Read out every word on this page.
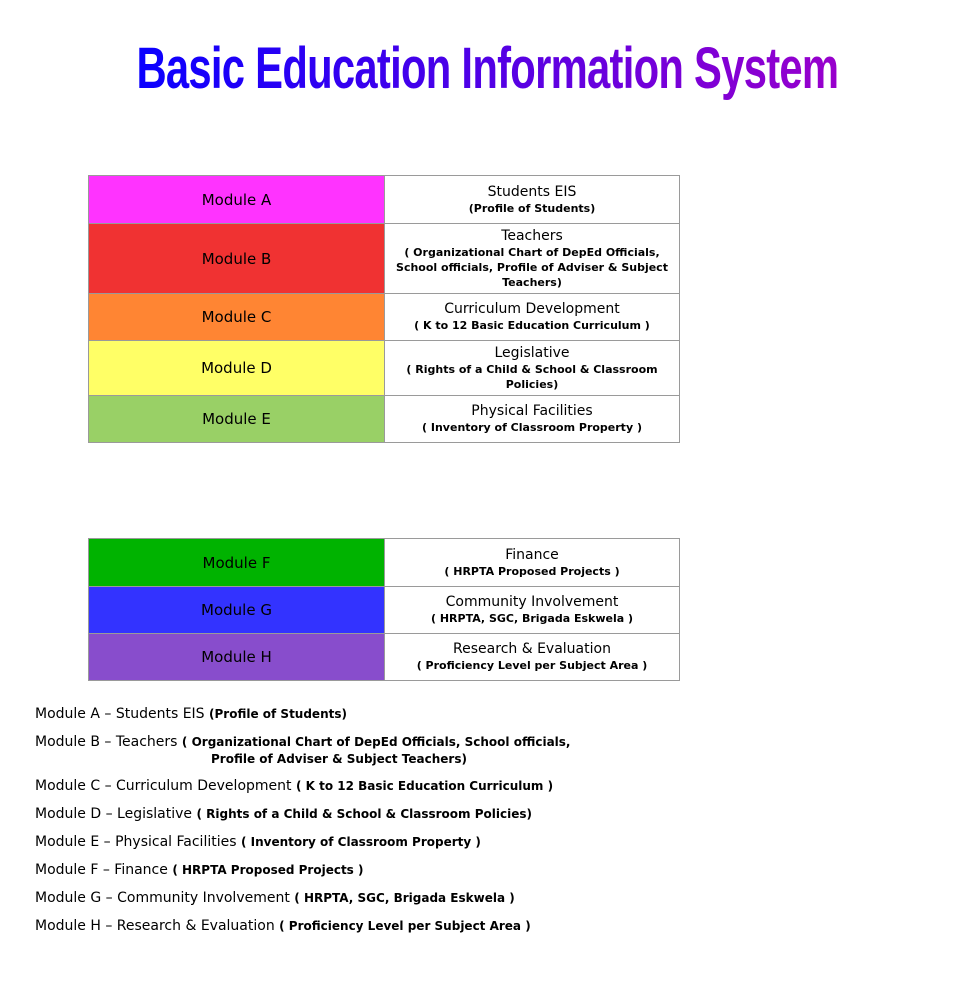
Basic Education Information System
Module A	Students EIS
(Profile of Students)

Module B	Teachers
( Organizational Chart of DepEd Officials, School officials, Profile of Adviser & Subject Teachers)

Module C	Curriculum Development
( K to 12 Basic Education Curriculum )

Module D	Legislative
( Rights of a Child & School & Classroom Policies)

Module E	Physical Facilities
( Inventory of Classroom Property )
Module F	Finance
( HRPTA Proposed Projects )

Module G	Community Involvement
( HRPTA, SGC, Brigada Eskwela )

Module H	Research & Evaluation
( Proficiency Level per Subject Area )
Module A – Students EIS (Profile of Students)
Module B – Teachers ( Organizational Chart of DepEd Officials, School officials,
Profile of Adviser & Subject Teachers)
Module C – Curriculum Development ( K to 12 Basic Education Curriculum )
Module D – Legislative ( Rights of a Child & School & Classroom Policies)
Module E – Physical Facilities ( Inventory of Classroom Property )
Module F – Finance ( HRPTA Proposed Projects )
Module G – Community Involvement ( HRPTA, SGC, Brigada Eskwela )
Module H – Research & Evaluation ( Proficiency Level per Subject Area )
